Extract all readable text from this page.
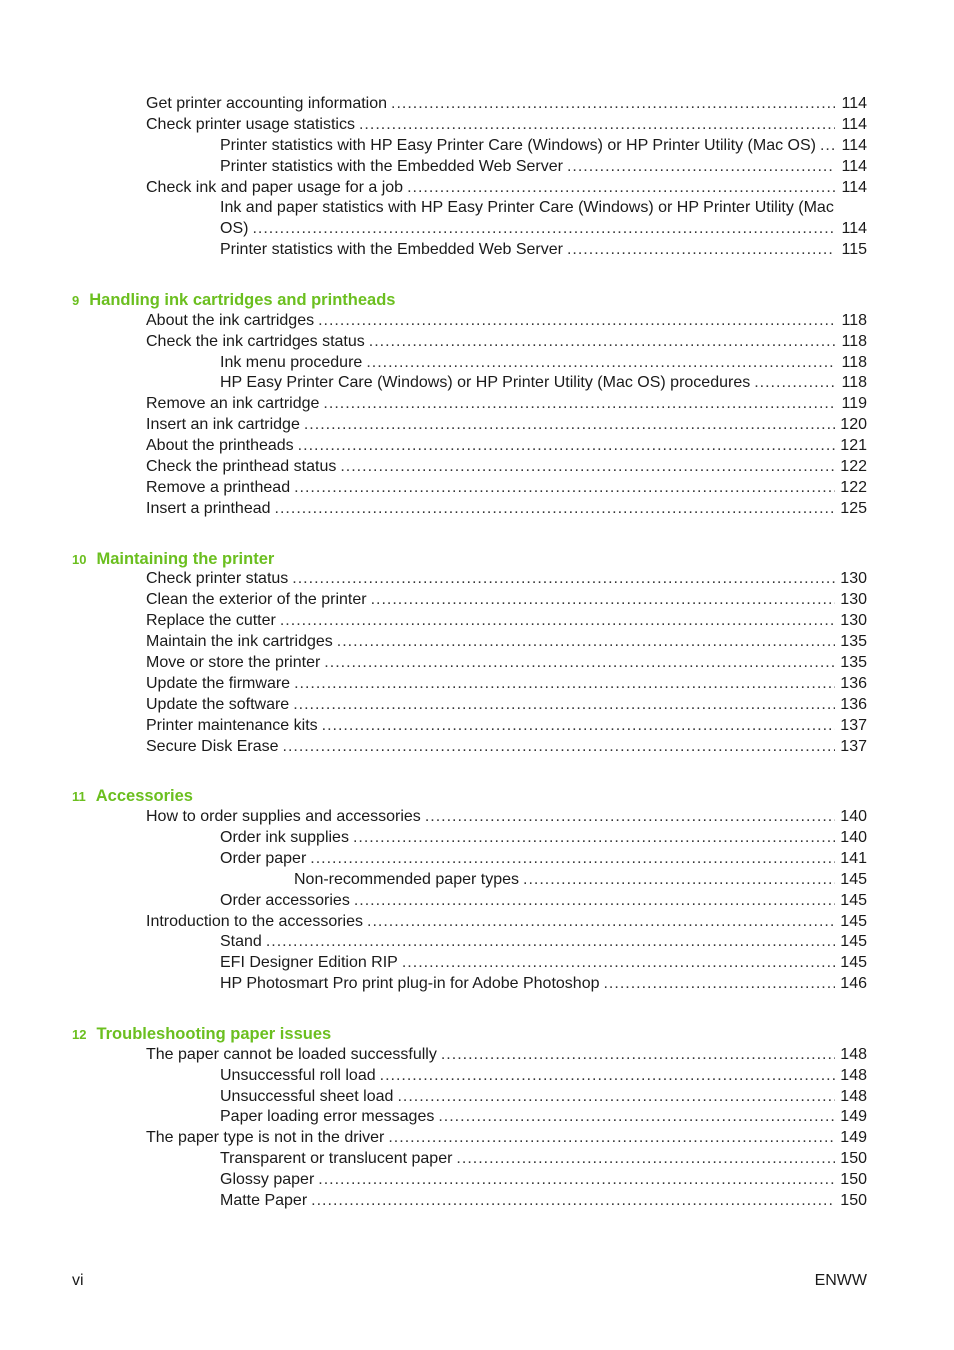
Get printer accounting information .....	114
Check printer usage statistics .....	114
Printer statistics with HP Easy Printer Care (Windows) or HP Printer Utility (Mac OS) ..... 114
Printer statistics with the Embedded Web Server .....	114
Check ink and paper usage for a job .....	114
Ink and paper statistics with HP Easy Printer Care (Windows) or HP Printer Utility (Mac
OS) .....	114
Printer statistics with the Embedded Web Server .....	115
9 Handling ink cartridges and printheads
About the ink cartridges .....	118
Check the ink cartridges status .....	118
Ink menu procedure .....	118
HP Easy Printer Care (Windows) or HP Printer Utility (Mac OS) procedures .....	118
Remove an ink cartridge .....	119
Insert an ink cartridge .....	120
About the printheads .....	121
Check the printhead status .....	122
Remove a printhead .....	122
Insert a printhead .....	125
10 Maintaining the printer
Check printer status .....	130
Clean the exterior of the printer .....	130
Replace the cutter .....	130
Maintain the ink cartridges .....	135
Move or store the printer .....	135
Update the firmware .....	136
Update the software .....	136
Printer maintenance kits .....	137
Secure Disk Erase .....	137
11 Accessories
How to order supplies and accessories .....	140
Order ink supplies .....	140
Order paper .....	141
Non-recommended paper types .....	145
Order accessories .....	145
Introduction to the accessories .....	145
Stand .....	145
EFI Designer Edition RIP .....	145
HP Photosmart Pro print plug-in for Adobe Photoshop .....	146
12 Troubleshooting paper issues
The paper cannot be loaded successfully .....	148
Unsuccessful roll load .....	148
Unsuccessful sheet load .....	148
Paper loading error messages .....	149
The paper type is not in the driver .....	149
Transparent or translucent paper .....	150
Glossy paper .....	150
Matte Paper .....	150
vi	ENWW
